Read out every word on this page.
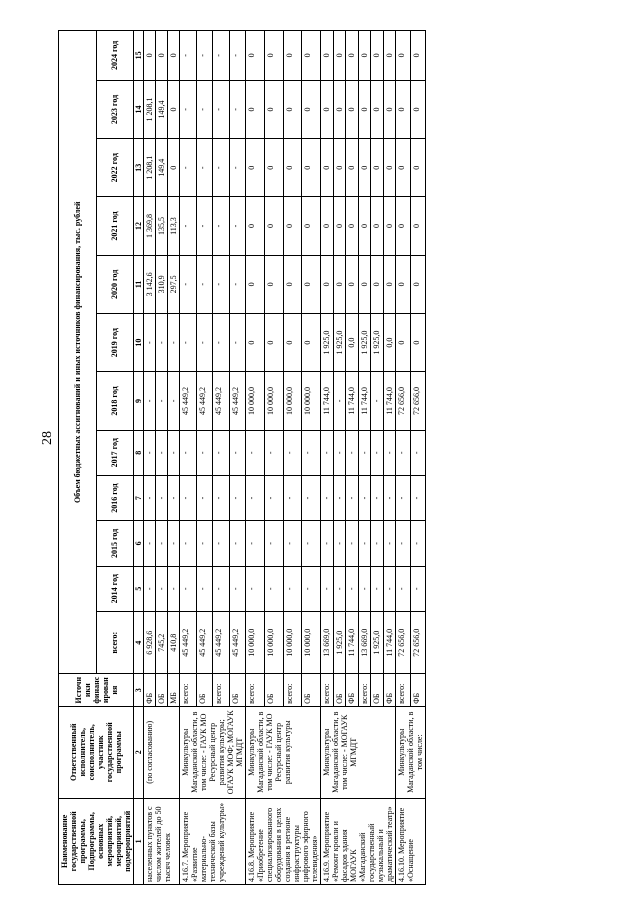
28
Наименование государственной программы, Подпрограммы, основных мероприятий, мероприятий, подмероприятий	Ответственный исполнитель, соисполнитель, участник государственной программы	Источники финансирования	Объем бюджетных ассигнований и иных источников финансирования, тыс. рублей											
			всего:	2014 год	2015 год	2016 год	2017 год	2018 год	2019 год	2020 год	2021 год	2022 год	2023 год	2024 год
1	2	3	4	5	6	7	8	9	10	11	12	13	14	15
населенных пунктов с числом жителей до 50 тысяч человек	(по согласованию)	ФБ	6 928,6	-	-	-	-	-	-	3 142,6	1 369,8	1 208,1	1 208,1	0
		ОБ	745,2	-	-	-	-	-	-	310,9	135,5	149,4	149,4	0
		МБ	410,8	-	-	-	-	-	-	297,5	113,3	0	0	0
4.16.7. Мероприятие «Развитие материально-технической базы учреждений культуры»	Минкультуры Магаданской области, в том числе: - ГАУК МО Ресурсный центр развития культуры; ОГАУК МОФ; МОГАУК МГМДТ	всего:	45 449,2	-	-	-	-	45 449,2	-	-	-	-	-	-
		ОБ	45 449,2	-	-	-	-	45 449,2	-	-	-	-	-	-
		всего:	45 449,2	-	-	-	-	45 449,2	-	-	-	-	-	-
		ОБ	45 449,2	-	-	-	-	45 449,2	-	-	-	-	-	-
4.16.8. Мероприятие «Приобретение специализированного оборудования в целях создания в регионе инфраструктуры цифрового эфирного телевидения»	Минкультуры Магаданской области, в том числе: - ГАУК МО Ресурсный центр развития культуры	всего:	10 000,0	-	-	-	-	10 000,0	0	0	0	0	0	0
		ОБ	10 000,0	-	-	-	-	10 000,0	0	0	0	0	0	0
		всего:	10 000,0	-	-	-	-	10 000,0	0	0	0	0	0	0
		ОБ	10 000,0	-	-	-	-	10 000,0	0	0	0	0	0	0
4.16.9. Мероприятие «Ремонт кровли и фасадов здания МОГАУК «Магаданский государственный музыкальный и драматический театр»	Минкультуры Магаданской области, в том числе: - МОГАУК МГМДТ	всего:	13 669,0	-	-	-	-	11 744,0	1 925,0	0	0	0	0	0
		ОБ	1 925,0	-	-	-	-	-	1 925,0	0	0	0	0	0
		ФБ	11 744,0	-	-	-	-	11 744,0	0,0	0	0	0	0	0
		всего:	13 669,0	-	-	-	-	11 744,0	1 925,0	0	0	0	0	0
		ОБ	1 925,0	-	-	-	-	-	1 925,0	0	0	0	0	0
		ФБ	11 744,0	-	-	-	-	11 744,0	0,0	0	0	0	0	0
4.16.10. Мероприятие «Оснащение	Минкультуры Магаданской области, в том числе:	всего:	72 656,0	-	-	-	-	72 656,0	0	0	0	0	0	0
		ФБ	72 656,0	-	-	-	-	72 656,0	0	0	0	0	0	0
